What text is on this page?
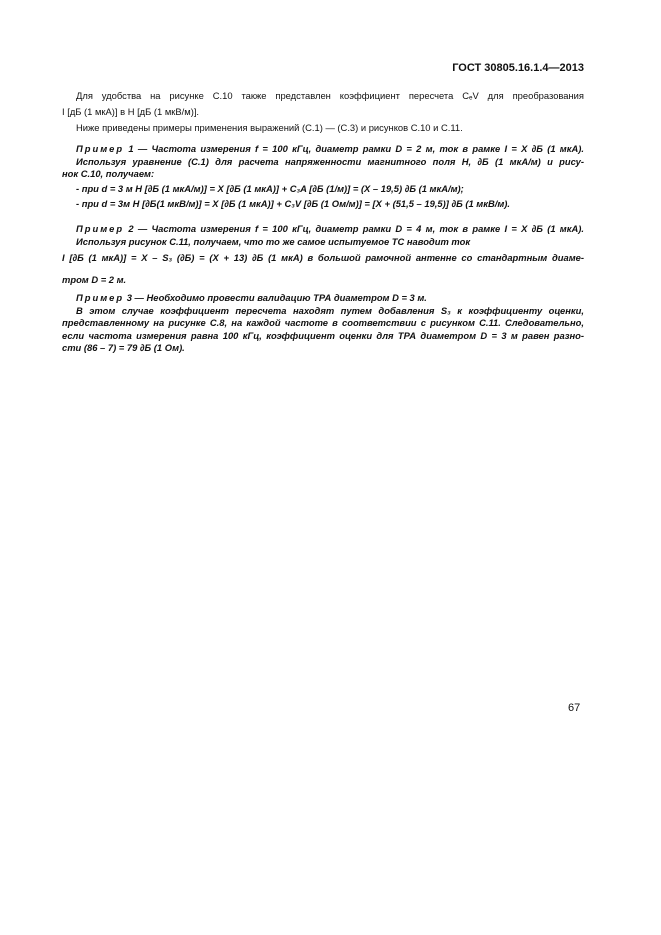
ГОСТ 30805.16.1.4—2013
Для удобства на рисунке С.10 также представлен коэффициент пересчета CₑV для преобразования
I [дБ (1 мкА)] в H [дБ (1 мкВ/м)].
Ниже приведены примеры применения выражений (С.1) — (С.3) и рисунков С.10 и С.11.
Пример 1 — Частота измерения f = 100 кГц, диаметр рамки D = 2 м, ток в рамке I = X ∂Б (1 мкА).
Используя уравнение (С.1) для расчета напряженности магнитного поля Н, ∂Б (1 мкА/м) и рису-
нок С.10, получаем:
- при d = 3 м H [∂Б (1 мкА/м)] = X [∂Б (1 мкА)] + C₃A [∂Б (1/м)] = (X – 19,5) ∂Б (1 мкА/м);
- при d = 3м H [∂Б(1 мкВ/м)] = X [∂Б (1 мкА)] + C₃V [∂Б (1 Ом/м)] = [X + (51,5 – 19,5)] ∂Б (1 мкВ/м).
Пример 2 — Частота измерения f = 100 кГц, диаметр рамки D = 4 м, ток в рамке I = X ∂Б (1 мкА).
Используя рисунок С.11, получаем, что то же самое испытуемое ТС наводит ток
I [∂Б (1 мкА)] = X – S₃ (∂Б) = (X + 13) ∂Б (1 мкА) в большой рамочной антенне со стандартным диаме-
тром D = 2 м.
Пример 3 — Необходимо провести валидацию ТРА диаметром D = 3 м.
В этом случае коэффициент пересчета находят путем добавления S₃ к коэффициенту оценки,
представленному на рисунке С.8, на каждой частоте в соответствии с рисунком С.11. Следовательно,
если частота измерения равна 100 кГц, коэффициент оценки для ТРА диаметром D = 3 м равен разно-
сти (86 – 7) = 79 ∂Б (1 Ом).
67
